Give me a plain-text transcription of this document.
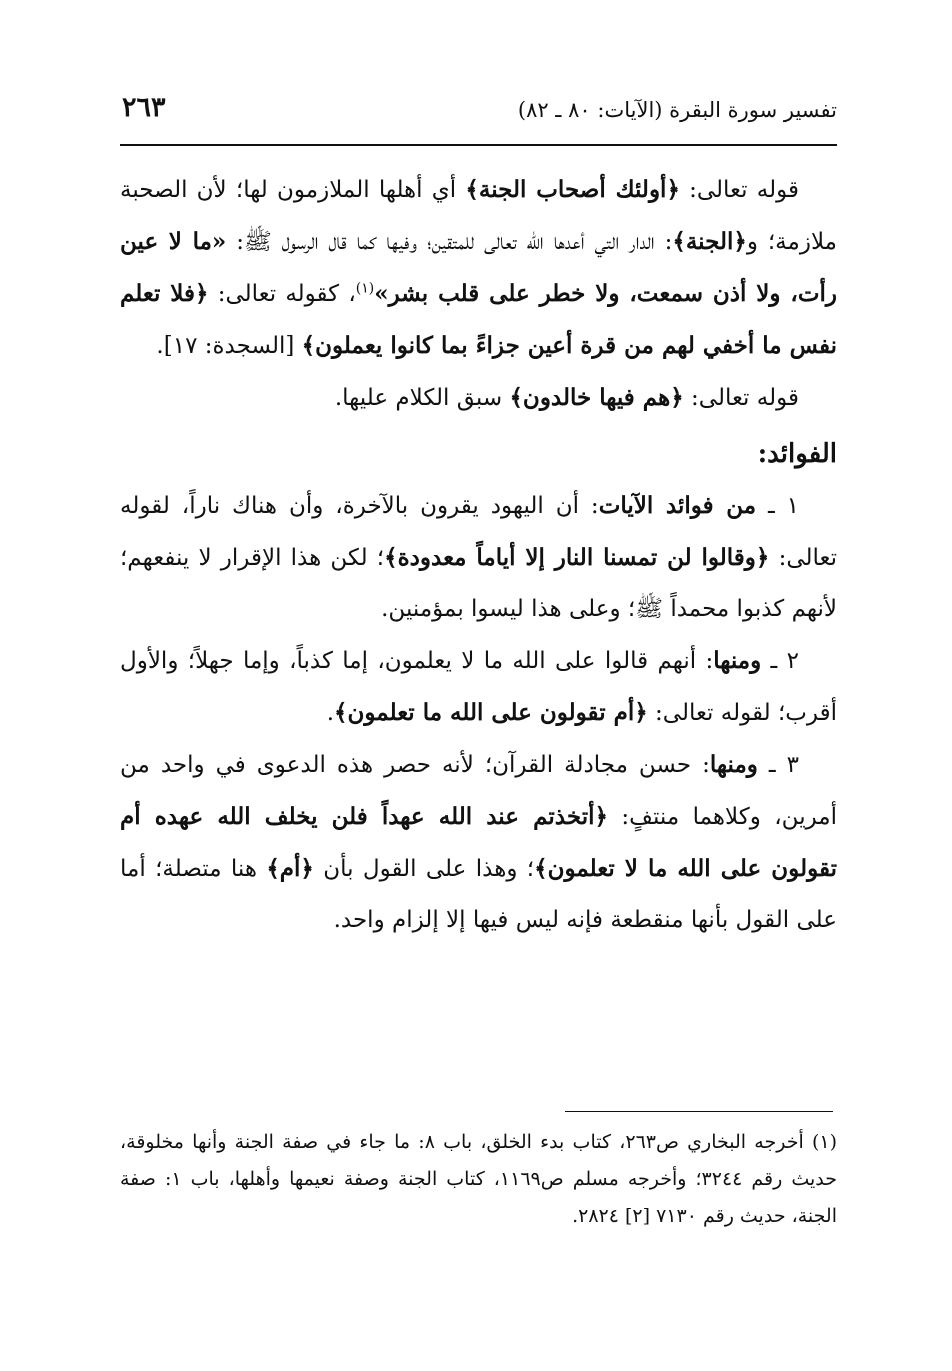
تفسير سورة البقرة (الآيات: ٨٠ ـ ٨٢)
٢٦٣

قوله تعالى: ﴿أولئك أصحاب الجنة﴾ أي أهلها الملازمون لها؛ لأن الصحبة ملازمة؛ و﴿الجنة﴾: الدار التي أعدها الله تعالى للمتقين؛ وفيها كما قال الرسول ﷺ: «ما لا عين رأت، ولا أذن سمعت، ولا خطر على قلب بشر»$^{(١)}$، كقوله تعالى: ﴿فلا تعلم نفس ما أخفي لهم من قرة أعين جزاءً بما كانوا يعملون﴾ [السجدة: ١٧].

قوله تعالى: ﴿هم فيها خالدون﴾ سبق الكلام عليها.

الفوائد:

١ ـ من فوائد الآيات: أن اليهود يقرون بالآخرة، وأن هناك ناراً، لقوله تعالى: ﴿وقالوا لن تمسنا النار إلا أياماً معدودة﴾؛ لكن هذا الإقرار لا ينفعهم؛ لأنهم كذبوا محمداً ﷺ؛ وعلى هذا ليسوا بمؤمنين.

٢ ـ ومنها: أنهم قالوا على الله ما لا يعلمون، إما كذباً، وإما جهلاً؛ والأول أقرب؛ لقوله تعالى: ﴿أم تقولون على الله ما تعلمون﴾.

٣ ـ ومنها: حسن مجادلة القرآن؛ لأنه حصر هذه الدعوى في واحد من أمرين، وكلاهما منتفٍ: ﴿أتخذتم عند الله عهداً فلن يخلف الله عهده أم تقولون على الله ما لا تعلمون﴾؛ وهذا على القول بأن ﴿أم﴾ هنا متصلة؛ أما على القول بأنها منقطعة فإنه ليس فيها إلا إلزام واحد.

(١) أخرجه البخاري ص٢٦٣، كتاب بدء الخلق، باب ٨: ما جاء في صفة الجنة وأنها مخلوقة، حديث رقم ٣٢٤٤؛ وأخرجه مسلم ص١١٦٩، كتاب الجنة وصفة نعيمها وأهلها، باب ١: صفة الجنة، حديث رقم ٧١٣٠ [٢] ٢٨٢٤.
